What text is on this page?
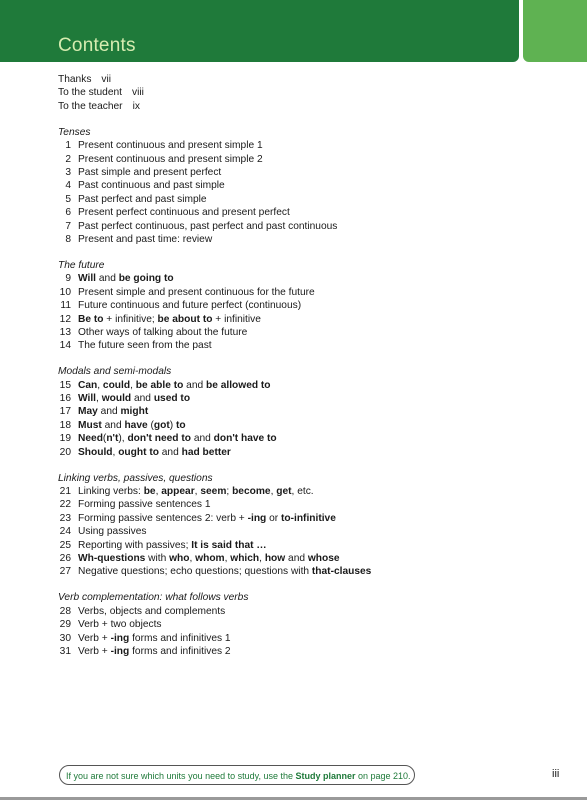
Contents
Thanks vii
To the student viii
To the teacher ix
Tenses
1 Present continuous and present simple 1
2 Present continuous and present simple 2
3 Past simple and present perfect
4 Past continuous and past simple
5 Past perfect and past simple
6 Present perfect continuous and present perfect
7 Past perfect continuous, past perfect and past continuous
8 Present and past time: review
The future
9 Will and be going to
10 Present simple and present continuous for the future
11 Future continuous and future perfect (continuous)
12 Be to + infinitive; be about to + infinitive
13 Other ways of talking about the future
14 The future seen from the past
Modals and semi-modals
15 Can, could, be able to and be allowed to
16 Will, would and used to
17 May and might
18 Must and have (got) to
19 Need(n't), don't need to and don't have to
20 Should, ought to and had better
Linking verbs, passives, questions
21 Linking verbs: be, appear, seem; become, get, etc.
22 Forming passive sentences 1
23 Forming passive sentences 2: verb + -ing or to-infinitive
24 Using passives
25 Reporting with passives; It is said that …
26 Wh-questions with who, whom, which, how and whose
27 Negative questions; echo questions; questions with that-clauses
Verb complementation: what follows verbs
28 Verbs, objects and complements
29 Verb + two objects
30 Verb + -ing forms and infinitives 1
31 Verb + -ing forms and infinitives 2
If you are not sure which units you need to study, use the Study planner on page 210.	iii
